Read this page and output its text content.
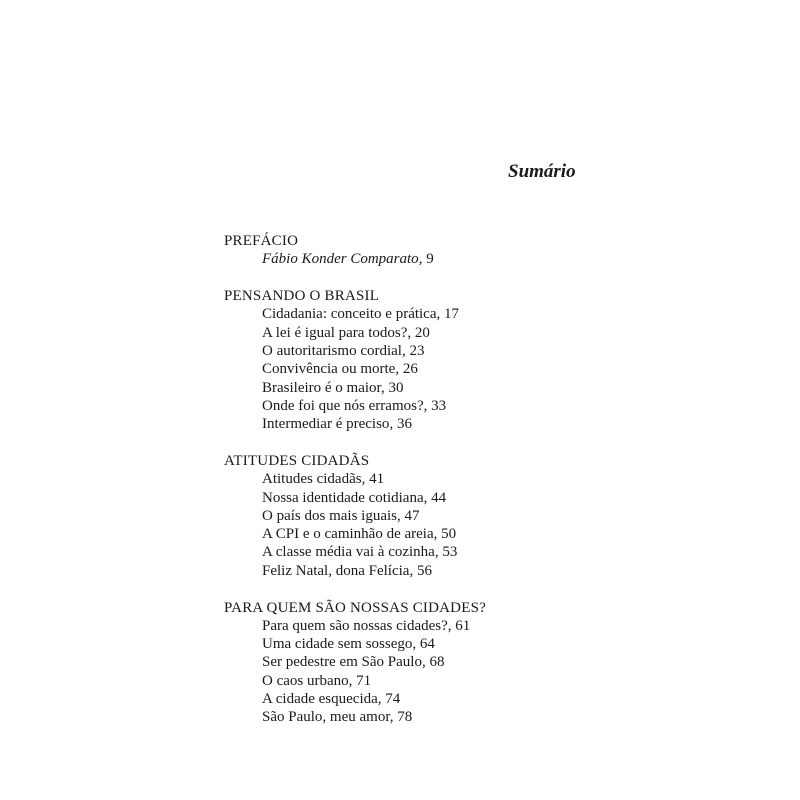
Sumário
PREFÁCIO
Fábio Konder Comparato, 9
PENSANDO O BRASIL
Cidadania: conceito e prática, 17
A lei é igual para todos?, 20
O autoritarismo cordial, 23
Convivência ou morte, 26
Brasileiro é o maior, 30
Onde foi que nós erramos?, 33
Intermediar é preciso, 36
ATITUDES CIDADÃS
Atitudes cidadãs, 41
Nossa identidade cotidiana, 44
O país dos mais iguais, 47
A CPI e o caminhão de areia, 50
A classe média vai à cozinha, 53
Feliz Natal, dona Felícia, 56
PARA QUEM SÃO NOSSAS CIDADES?
Para quem são nossas cidades?, 61
Uma cidade sem sossego, 64
Ser pedestre em São Paulo, 68
O caos urbano, 71
A cidade esquecida, 74
São Paulo, meu amor, 78
